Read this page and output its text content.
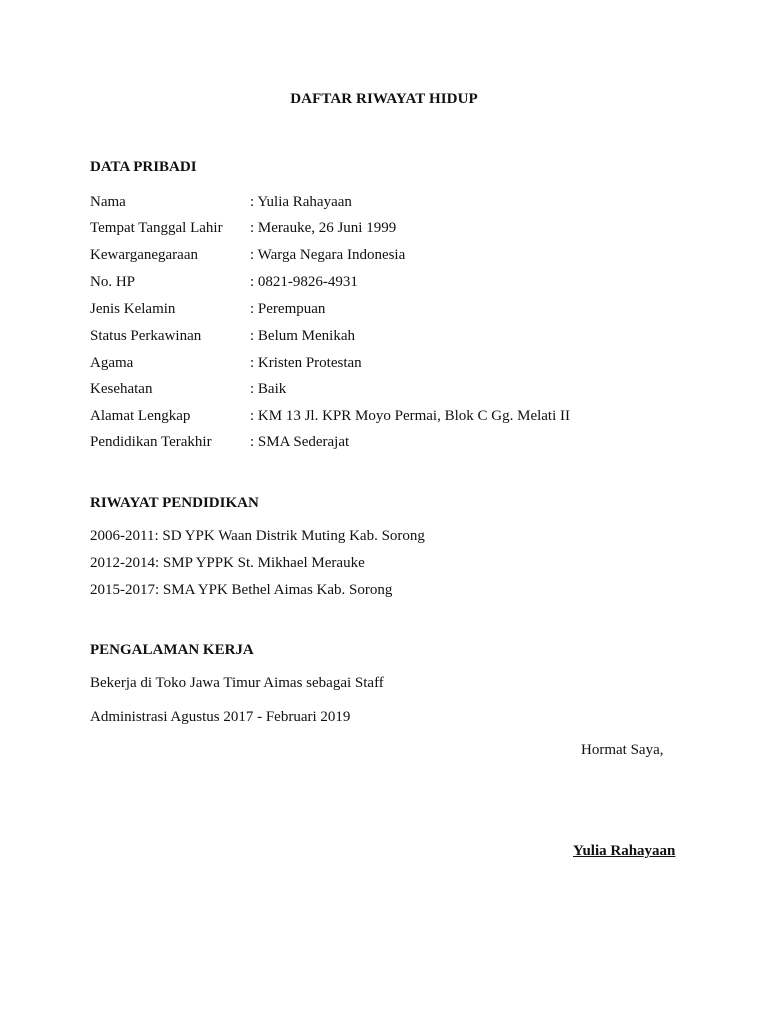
DAFTAR RIWAYAT HIDUP
DATA PRIBADI
Nama	: Yulia Rahayaan
Tempat Tanggal Lahir : Merauke, 26 Juni 1999
Kewarganegaraan	: Warga Negara Indonesia
No. HP	: 0821-9826-4931
Jenis Kelamin	: Perempuan
Status Perkawinan	: Belum Menikah
Agama	: Kristen Protestan
Kesehatan	: Baik
Alamat Lengkap	: KM 13 Jl. KPR Moyo Permai, Blok C Gg. Melati II
Pendidikan Terakhir	: SMA Sederajat
RIWAYAT PENDIDIKAN
2006-2011: SD YPK Waan Distrik Muting Kab. Sorong
2012-2014: SMP YPPK St. Mikhael Merauke
2015-2017: SMA YPK Bethel Aimas Kab. Sorong
PENGALAMAN KERJA
Bekerja di Toko Jawa Timur Aimas sebagai Staff
Administrasi Agustus 2017 - Februari 2019
Hormat Saya,
Yulia Rahayaan
